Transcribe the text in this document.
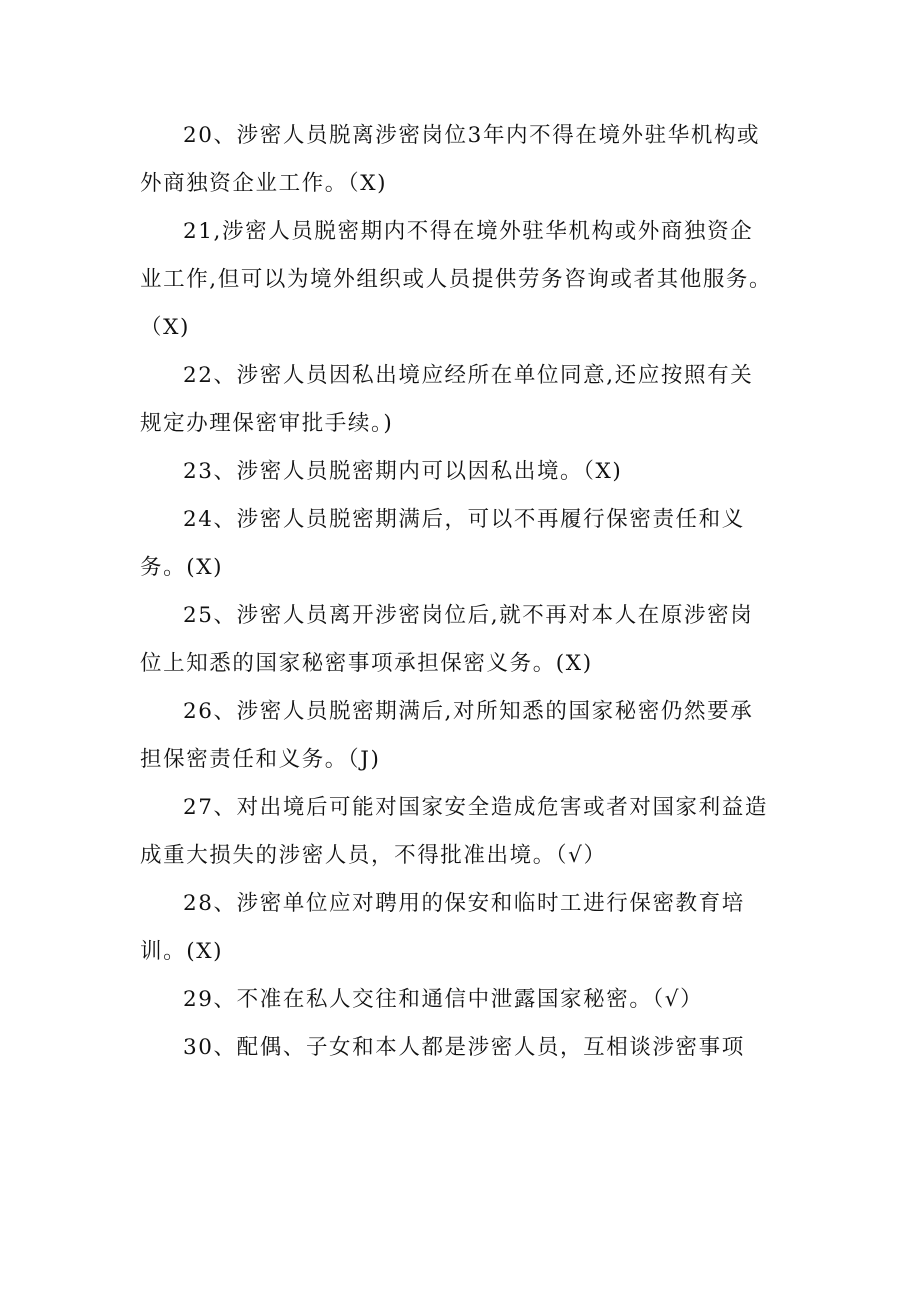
20、涉密人员脱离涉密岗位3年内不得在境外驻华机构或外商独资企业工作。（X)

21,涉密人员脱密期内不得在境外驻华机构或外商独资企业工作,但可以为境外组织或人员提供劳务咨询或者其他服务。（X)

22、涉密人员因私出境应经所在单位同意,还应按照有关规定办理保密审批手续。)

23、涉密人员脱密期内可以因私出境。（X)

24、涉密人员脱密期满后，可以不再履行保密责任和义务。(X)

25、涉密人员离开涉密岗位后,就不再对本人在原涉密岗位上知悉的国家秘密事项承担保密义务。(X)

26、涉密人员脱密期满后,对所知悉的国家秘密仍然要承担保密责任和义务。（J)

27、对出境后可能对国家安全造成危害或者对国家利益造成重大损失的涉密人员，不得批准出境。（√）

28、涉密单位应对聘用的保安和临时工进行保密教育培训。(X)

29、不准在私人交往和通信中泄露国家秘密。（√）

30、配偶、子女和本人都是涉密人员，互相谈涉密事项
